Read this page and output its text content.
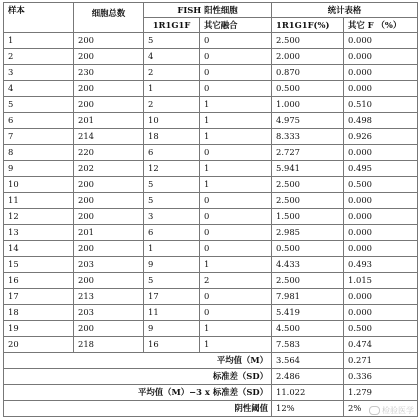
样本	细胞总数	FISH 阳性细胞		统计表格	
		1R1G1F	其它融合	1R1G1F(%)	其它 F （%）
1	200	5	0	2.500	0.000
2	200	4	0	2.000	0.000
3	230	2	0	0.870	0.000
4	200	1	0	0.500	0.000
5	200	2	1	1.000	0.510
6	201	10	1	4.975	0.498
7	214	18	1	8.333	0.926
8	220	6	0	2.727	0.000
9	202	12	1	5.941	0.495
10	200	5	1	2.500	0.500
11	200	5	0	2.500	0.000
12	200	3	0	1.500	0.000
13	201	6	0	2.985	0.000
14	200	1	0	0.500	0.000
15	203	9	1	4.433	0.493
16	200	5	2	2.500	1.015
17	213	17	0	7.981	0.000
18	203	11	0	5.419	0.000
19	200	9	1	4.500	0.500
20	218	16	1	7.583	0.474
平均值（M）				3.564	0.271
标准差（SD）				2.486	0.336
平均值（M）−3 x 标准差（SD）				11.022	1.279
阴性阈值				12%	2%	检验医学
